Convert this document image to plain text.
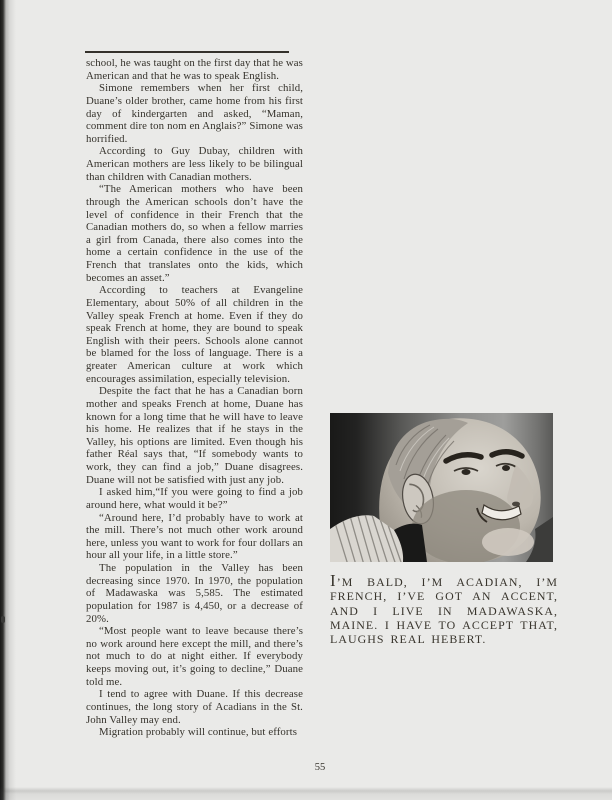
school, he was taught on the first day that he was American and that he was to speak English.

Simone remembers when her first child, Duane’s older brother, came home from his first day of kindergarten and asked, “Maman, comment dire ton nom en Anglais?” Simone was horrified.

According to Guy Dubay, children with American mothers are less likely to be bilingual than children with Canadian mothers.

“The American mothers who have been through the American schools don’t have the level of confidence in their French that the Canadian mothers do, so when a fellow marries a girl from Canada, there also comes into the home a certain confidence in the use of the French that translates onto the kids, which becomes an asset.”

According to teachers at Evangeline Elementary, about 50% of all children in the Valley speak French at home. Even if they do speak French at home, they are bound to speak English with their peers. Schools alone cannot be blamed for the loss of language. There is a greater American culture at work which encourages assimilation, especially television.

Despite the fact that he has a Canadian born mother and speaks French at home, Duane has known for a long time that he will have to leave his home. He realizes that if he stays in the Valley, his options are limited. Even though his father Réal says that, “If somebody wants to work, they can find a job,” Duane disagrees. Duane will not be satisfied with just any job.

I asked him,“If you were going to find a job around here, what would it be?”

“Around here, I’d probably have to work at the mill. There’s not much other work around here, unless you want to work for four dollars an hour all your life, in a little store.”

The population in the Valley has been decreasing since 1970. In 1970, the population of Madawaska was 5,585. The estimated population for 1987 is 4,450, or a decrease of 20%.

“Most people want to leave because there’s no work around here except the mill, and there’s not much to do at night either. If everybody keeps moving out, it’s going to decline,” Duane told me.

I tend to agree with Duane. If this decrease continues, the long story of Acadians in the St. John Valley may end.

Migration probably will continue, but efforts

I’M BALD, I’M ACADIAN, I’M FRENCH, I’VE GOT AN ACCENT, AND I LIVE IN MADAWASKA, MAINE. I HAVE TO ACCEPT THAT, LAUGHS REAL HEBERT.
55
